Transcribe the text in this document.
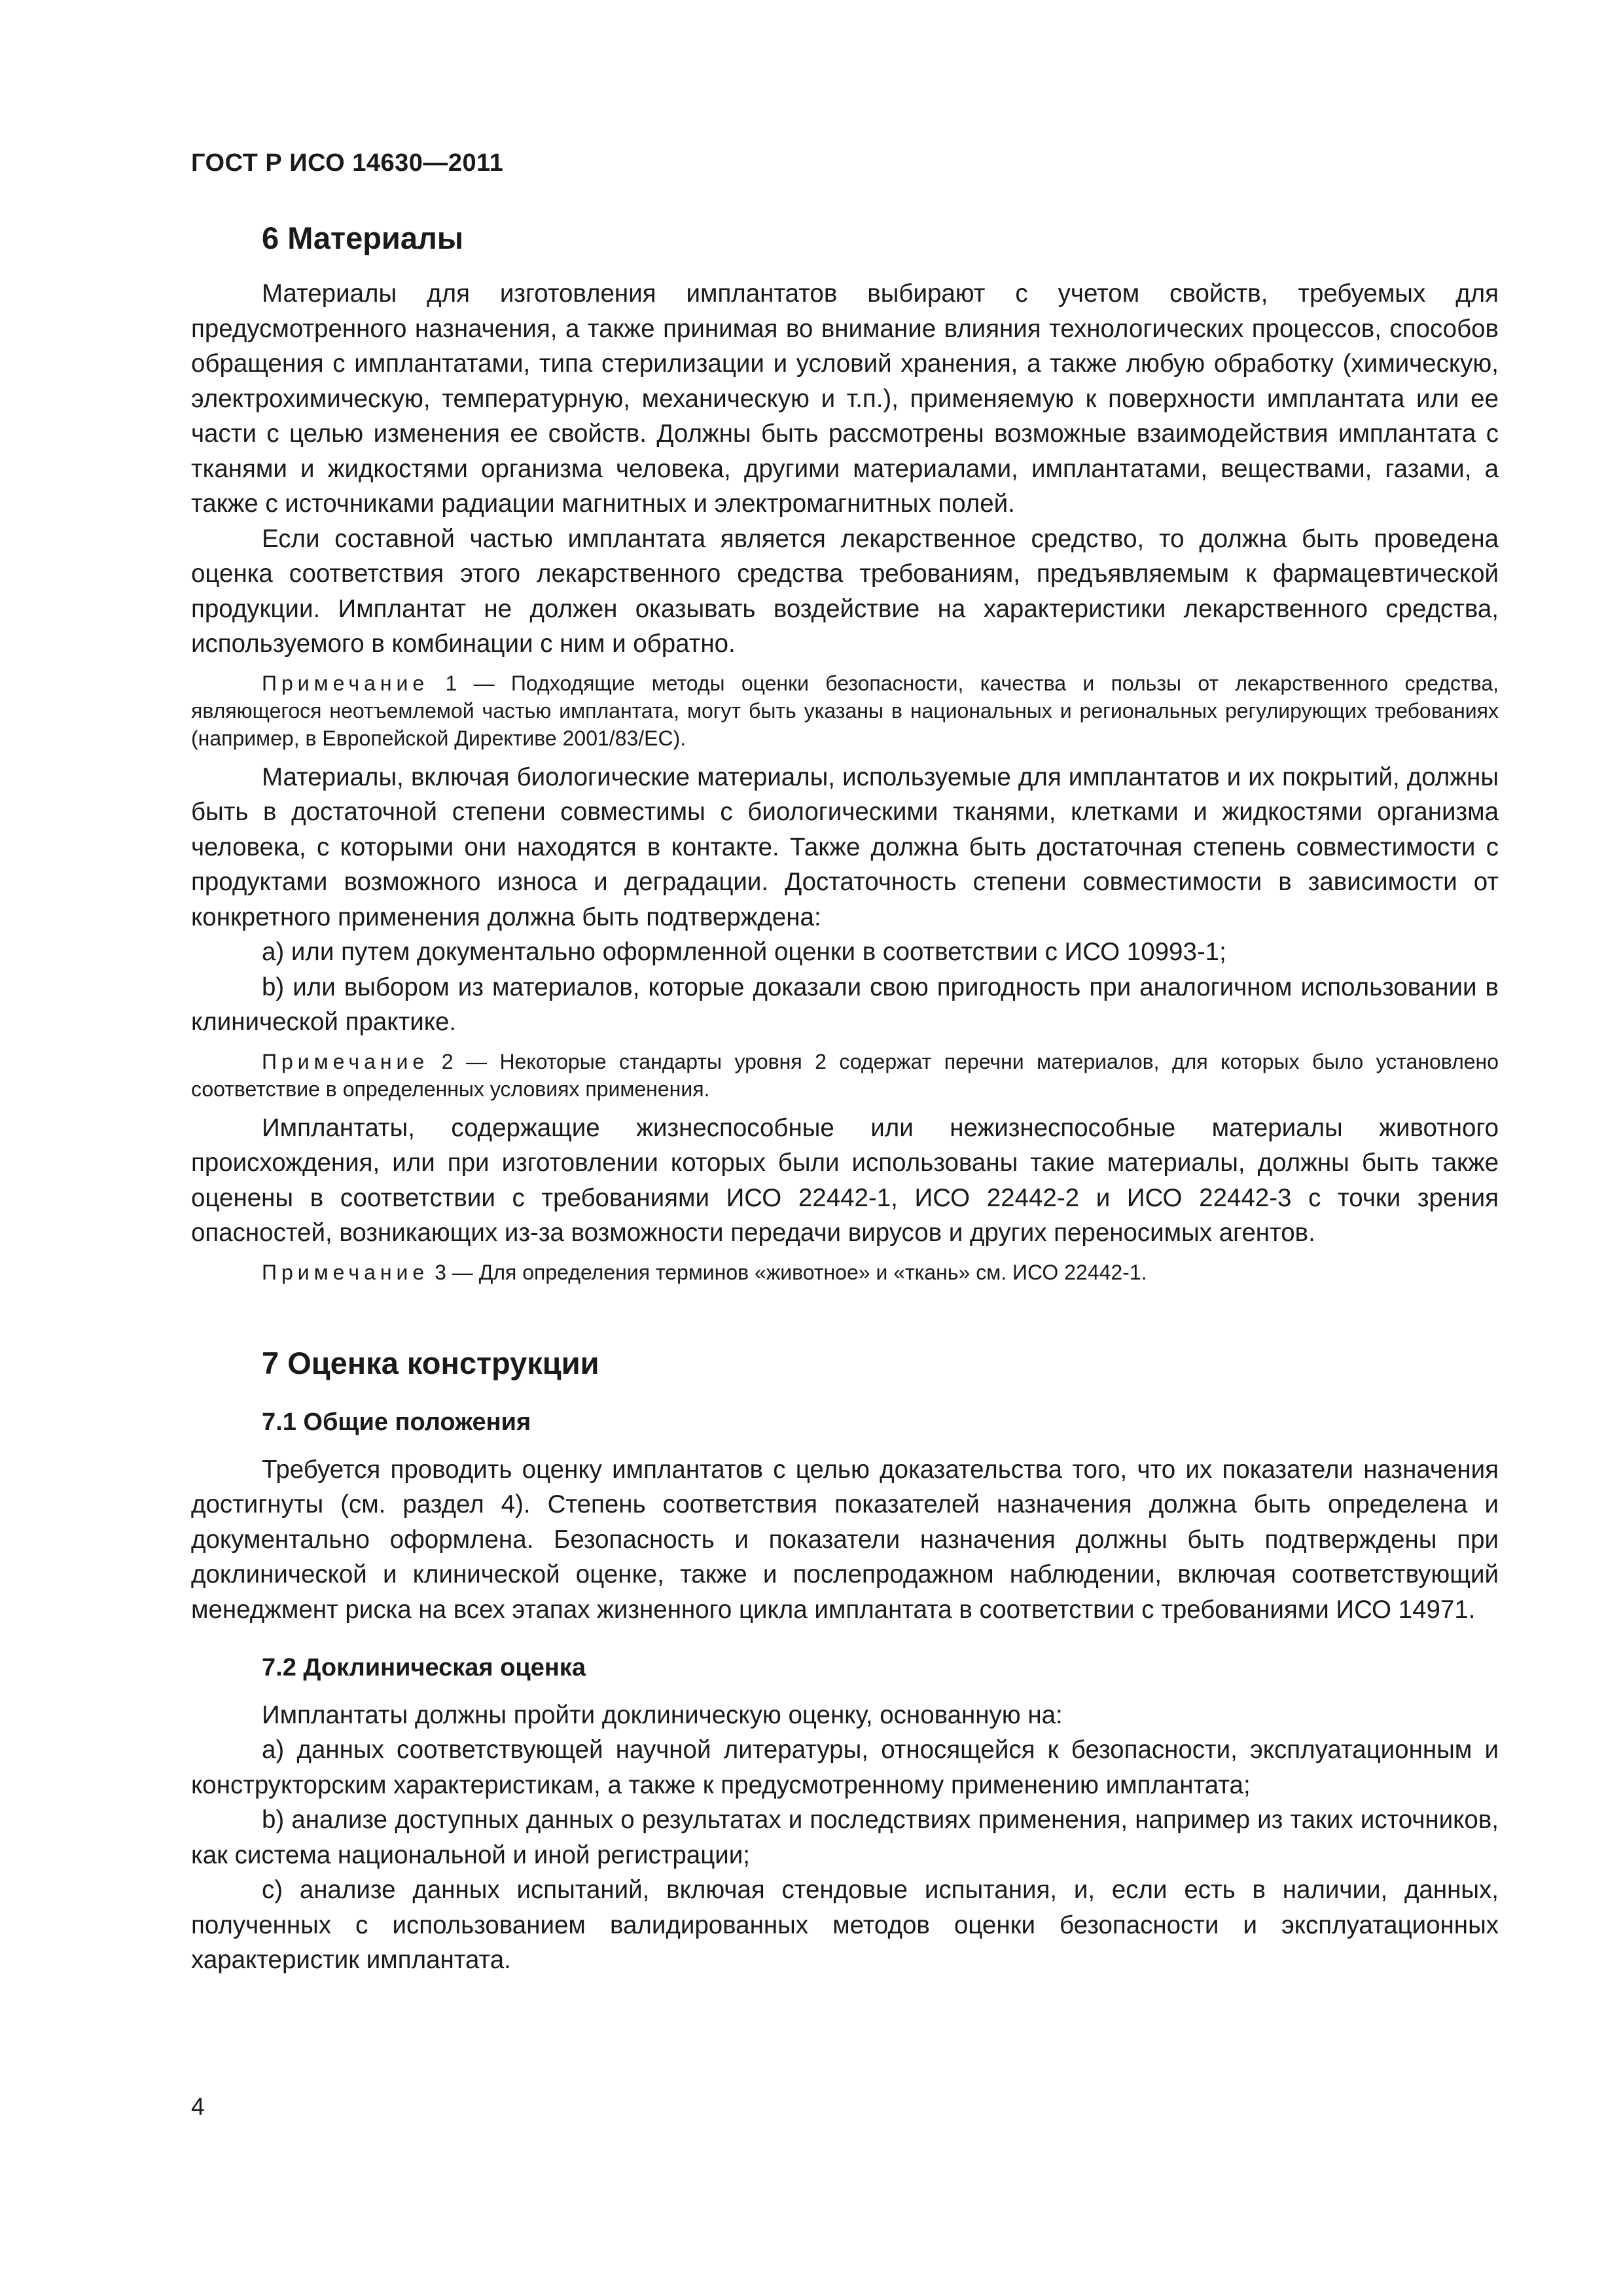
ГОСТ Р ИСО 14630—2011
6 Материалы

Материалы для изготовления имплантатов выбирают с учетом свойств, требуемых для предусмотренного назначения, а также принимая во внимание влияния технологических процессов, способов обращения с имплантатами, типа стерилизации и условий хранения, а также любую обработку (химическую, электрохимическую, температурную, механическую и т.п.), применяемую к поверхности имплантата или ее части с целью изменения ее свойств. Должны быть рассмотрены возможные взаимодействия имплантата с тканями и жидкостями организма человека, другими материалами, имплантатами, веществами, газами, а также с источниками радиации магнитных и электромагнитных полей.

Если составной частью имплантата является лекарственное средство, то должна быть проведена оценка соответствия этого лекарственного средства требованиям, предъявляемым к фармацевтической продукции. Имплантат не должен оказывать воздействие на характеристики лекарственного средства, используемого в комбинации с ним и обратно.

Примечание 1 — Подходящие методы оценки безопасности, качества и пользы от лекарственного средства, являющегося неотъемлемой частью имплантата, могут быть указаны в национальных и региональных регулирующих требованиях (например, в Европейской Директиве 2001/83/ЕС).

Материалы, включая биологические материалы, используемые для имплантатов и их покрытий, должны быть в достаточной степени совместимы с биологическими тканями, клетками и жидкостями организма человека, с которыми они находятся в контакте. Также должна быть достаточная степень совместимости с продуктами возможного износа и деградации. Достаточность степени совместимости в зависимости от конкретного применения должна быть подтверждена:

a) или путем документально оформленной оценки в соответствии с ИСО 10993-1;

b) или выбором из материалов, которые доказали свою пригодность при аналогичном использовании в клинической практике.

Примечание 2 — Некоторые стандарты уровня 2 содержат перечни материалов, для которых было установлено соответствие в определенных условиях применения.

Имплантаты, содержащие жизнеспособные или нежизнеспособные материалы животного происхождения, или при изготовлении которых были использованы такие материалы, должны быть также оценены в соответствии с требованиями ИСО 22442-1, ИСО 22442-2 и ИСО 22442-3 с точки зрения опасностей, возникающих из-за возможности передачи вирусов и других переносимых агентов.

Примечание 3 — Для определения терминов «животное» и «ткань» см. ИСО 22442-1.

7 Оценка конструкции
7.1 Общие положения

Требуется проводить оценку имплантатов с целью доказательства того, что их показатели назначения достигнуты (см. раздел 4). Степень соответствия показателей назначения должна быть определена и документально оформлена. Безопасность и показатели назначения должны быть подтверждены при доклинической и клинической оценке, также и послепродажном наблюдении, включая соответствующий менеджмент риска на всех этапах жизненного цикла имплантата в соответствии с требованиями ИСО 14971.

7.2 Доклиническая оценка

Имплантаты должны пройти доклиническую оценку, основанную на:

a) данных соответствующей научной литературы, относящейся к безопасности, эксплуатационным и конструкторским характеристикам, а также к предусмотренному применению имплантата;

b) анализе доступных данных о результатах и последствиях применения, например из таких источников, как система национальной и иной регистрации;

c) анализе данных испытаний, включая стендовые испытания, и, если есть в наличии, данных, полученных с использованием валидированных методов оценки безопасности и эксплуатационных характеристик имплантата.

4
